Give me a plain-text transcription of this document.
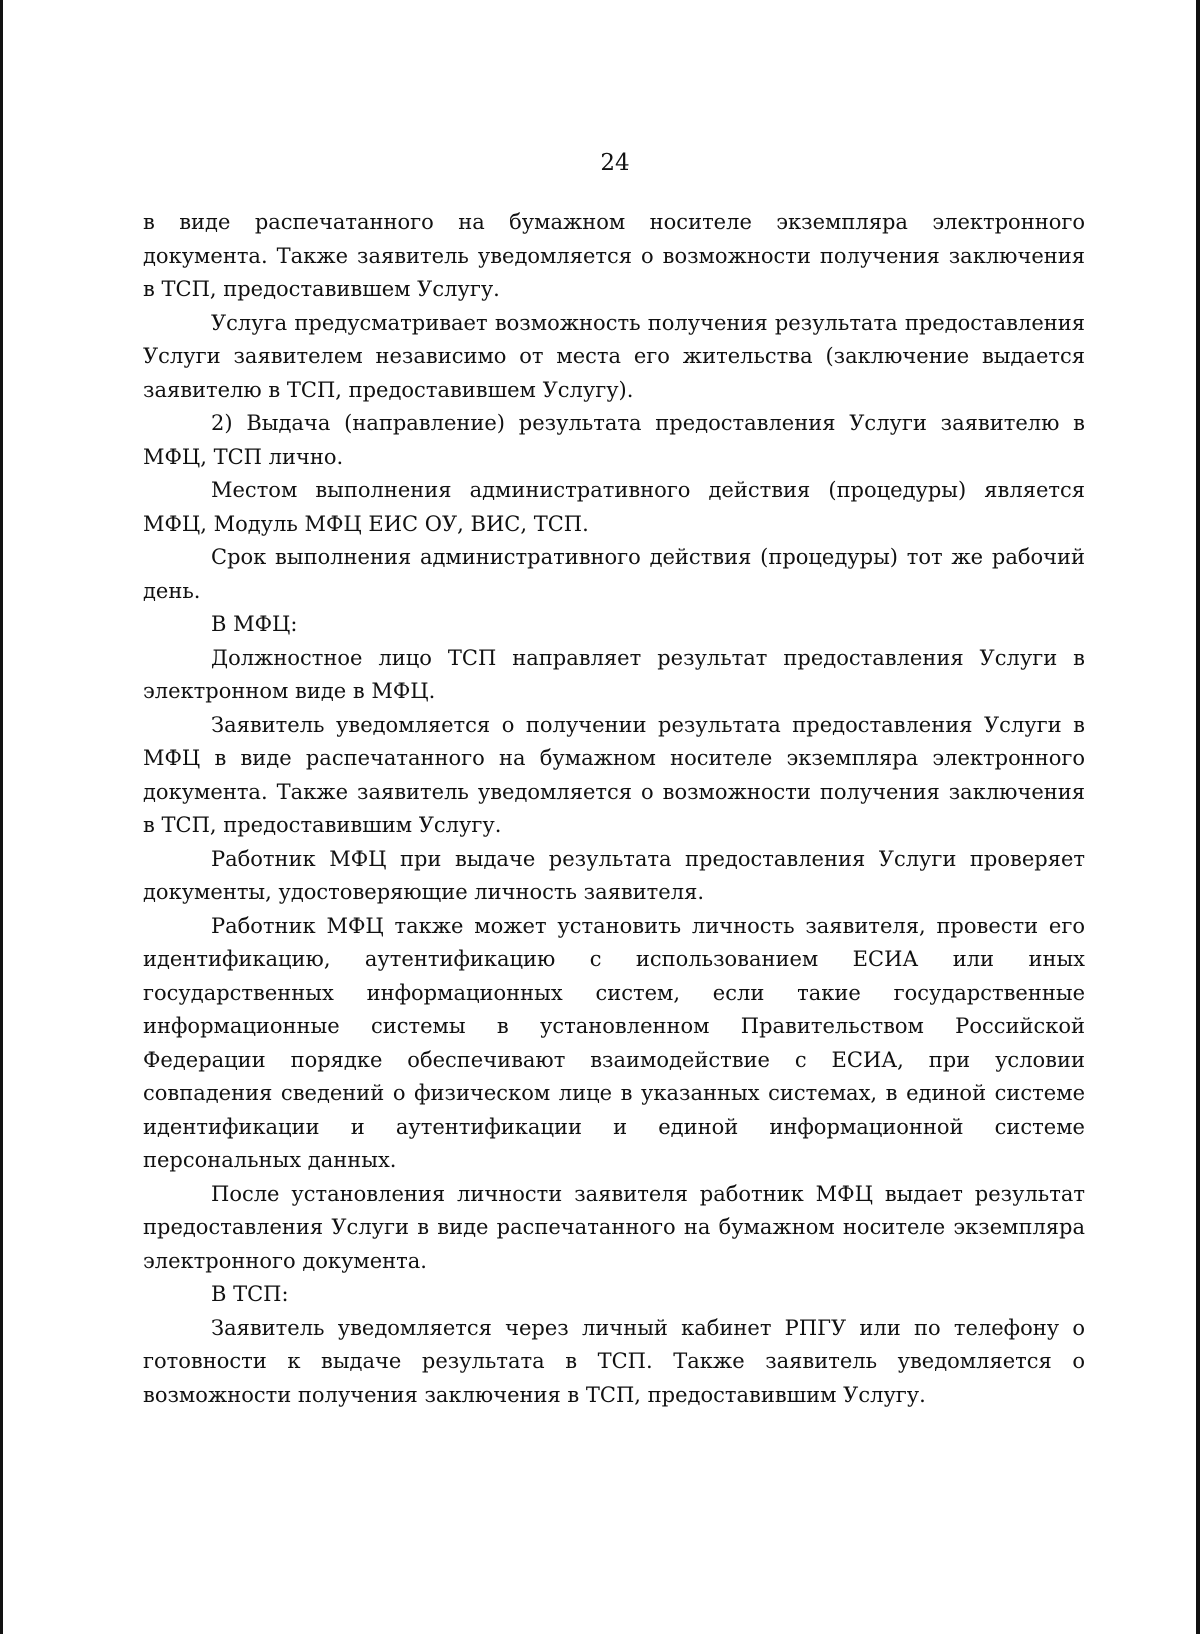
24

в виде распечатанного на бумажном носителе экземпляра электронного документа. Также заявитель уведомляется о возможности получения заключения в ТСП, предоставившем Услугу.

Услуга предусматривает возможность получения результата предоставления Услуги заявителем независимо от места его жительства (заключение выдается заявителю в ТСП, предоставившем Услугу).

2) Выдача (направление) результата предоставления Услуги заявителю в МФЦ, ТСП лично.

Местом выполнения административного действия (процедуры) является МФЦ, Модуль МФЦ ЕИС ОУ, ВИС, ТСП.

Срок выполнения административного действия (процедуры) тот же рабочий день.

В МФЦ:

Должностное лицо ТСП направляет результат предоставления Услуги в электронном виде в МФЦ.

Заявитель уведомляется о получении результата предоставления Услуги в МФЦ в виде распечатанного на бумажном носителе экземпляра электронного документа. Также заявитель уведомляется о возможности получения заключения в ТСП, предоставившим Услугу.

Работник МФЦ при выдаче результата предоставления Услуги проверяет документы, удостоверяющие личность заявителя.

Работник МФЦ также может установить личность заявителя, провести его идентификацию, аутентификацию с использованием ЕСИА или иных государственных информационных систем, если такие государственные информационные системы в установленном Правительством Российской Федерации порядке обеспечивают взаимодействие с ЕСИА, при условии совпадения сведений о физическом лице в указанных системах, в единой системе идентификации и аутентификации и единой информационной системе персональных данных.

После установления личности заявителя работник МФЦ выдает результат предоставления Услуги в виде распечатанного на бумажном носителе экземпляра электронного документа.

В ТСП:

Заявитель уведомляется через личный кабинет РПГУ или по телефону о готовности к выдаче результата в ТСП. Также заявитель уведомляется о возможности получения заключения в ТСП, предоставившим Услугу.
